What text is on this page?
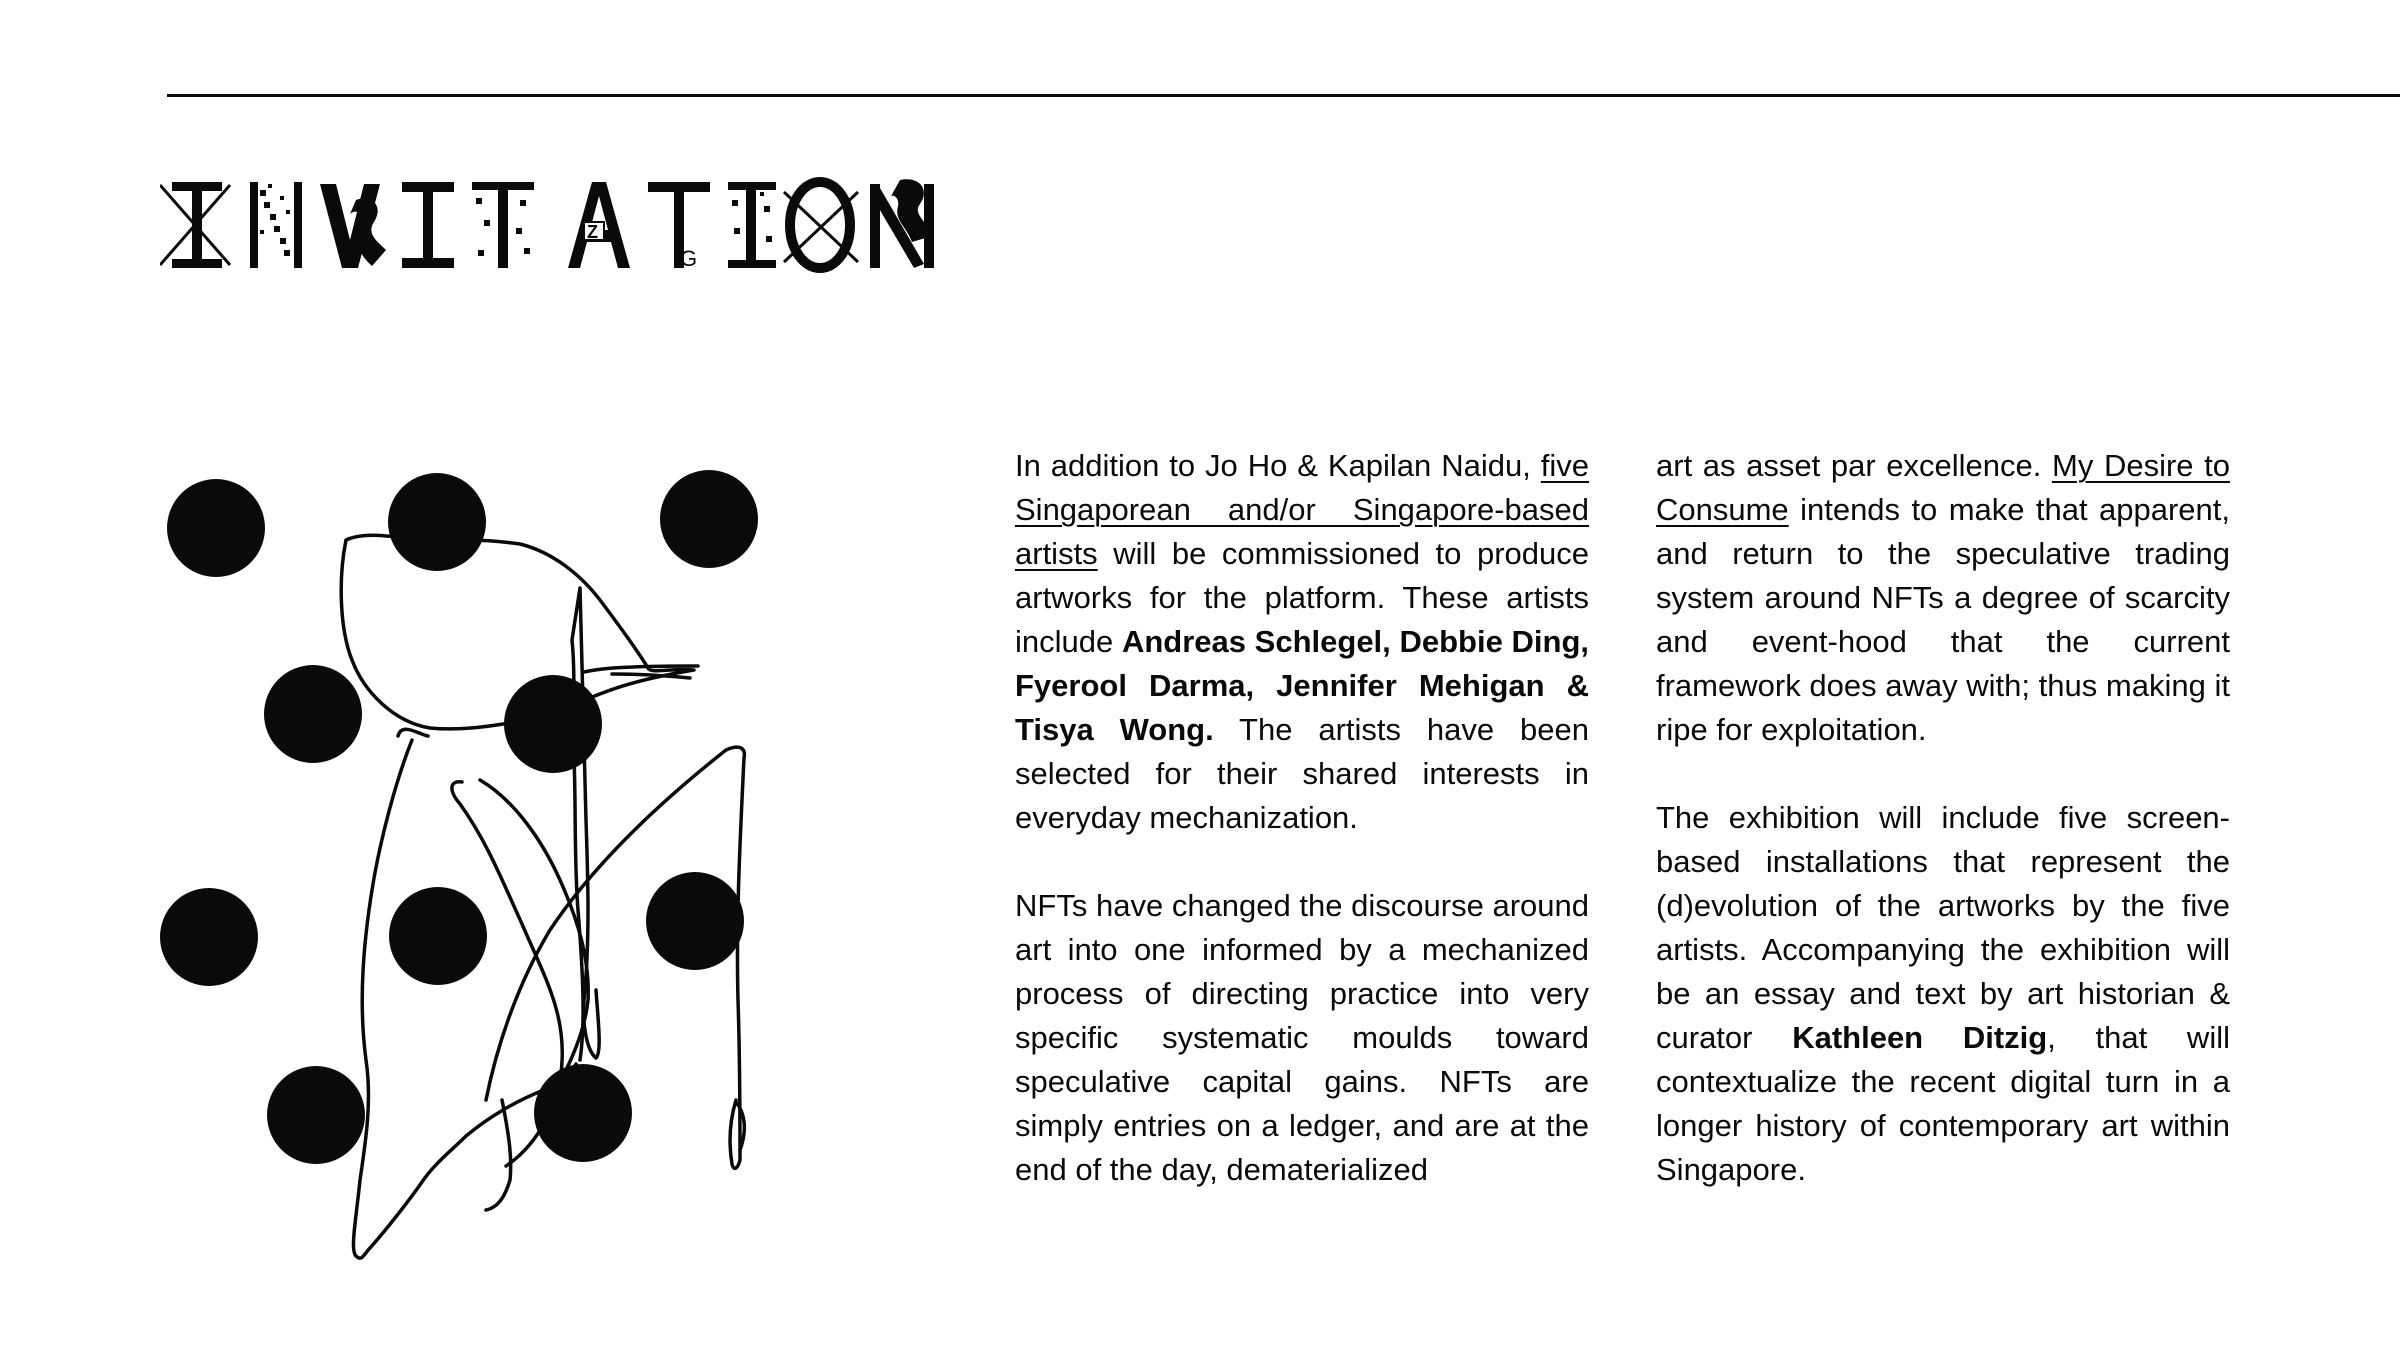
Z
G

In addition to Jo Ho & Kapilan Naidu, five Singaporean and/or Singapore-based artists will be commissioned to produce artworks for the platform. These artists include Andreas Schlegel, Debbie Ding, Fyerool Darma, Jennifer Mehigan & Tisya Wong. The artists have been selected for their shared interests in everyday mechanization.

NFTs have changed the discourse around art into one informed by a mechanized process of directing practice into very specific systematic moulds toward speculative capital gains. NFTs are simply entries on a ledger, and are at the end of the day, dematerialized

art as asset par excellence. My Desire to Consume intends to make that apparent, and return to the speculative trading system around NFTs a degree of scarcity and event-hood that the current framework does away with; thus making it ripe for exploitation.

The exhibition will include five screen-based installations that represent the (d)evolution of the artworks by the five artists. Accompanying the exhibition will be an essay and text by art historian & curator Kathleen Ditzig, that will contextualize the recent digital turn in a longer history of contemporary art within Singapore.
